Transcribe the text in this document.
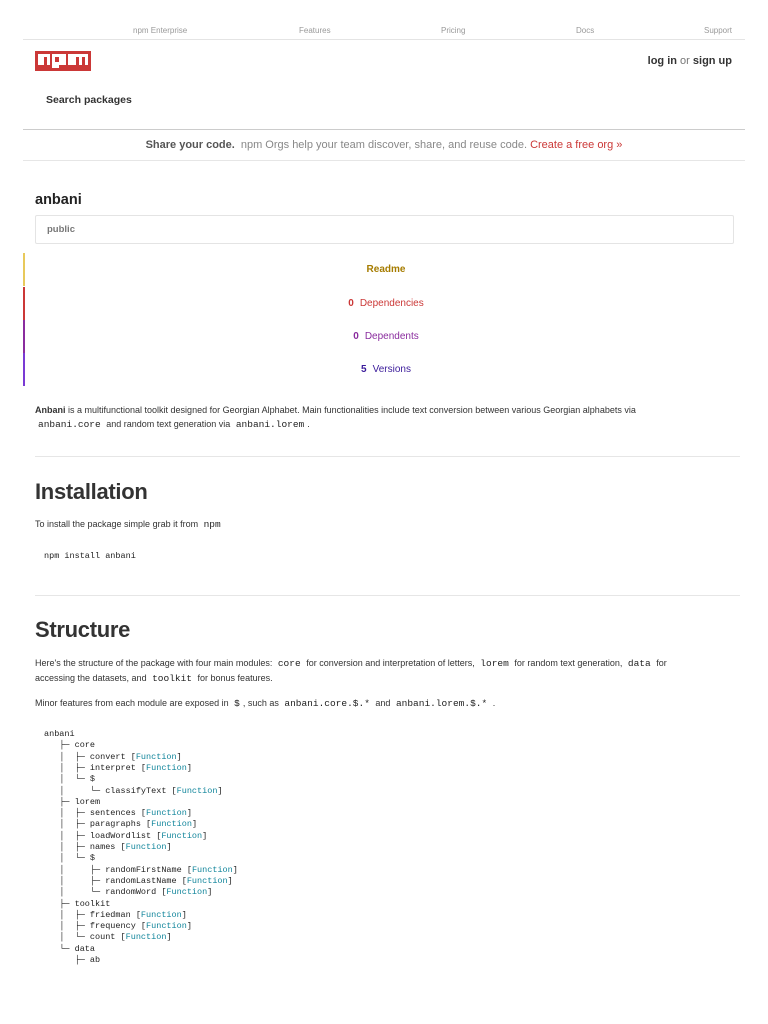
npm Enterprise	Features	Pricing	Docs	Support
log in or sign up
Search packages
Share your code. npm Orgs help your team discover, share, and reuse code. Create a free org »
anbani
public
Readme
0 Dependencies
0 Dependents
5 Versions
Anbani is a multifunctional toolkit designed for Georgian Alphabet. Main functionalities include text conversion between various Georgian alphabets via
anbani.core and random text generation via anbani.lorem .
Installation
To install the package simple grab it from npm
npm install anbani
Structure
Here's the structure of the package with four main modules: core for conversion and interpretation of letters, lorem for random text generation, data for
accessing the datasets, and toolkit for bonus features.
Minor features from each module are exposed in $ , such as anbani.core.$.* and anbani.lorem.$.* .
anbani
├─ core
│  ├─ convert [Function]
│  ├─ interpret [Function]
│  └─ $
│     └─ classifyText [Function]
├─ lorem
│  ├─ sentences [Function]
│  ├─ paragraphs [Function]
│  ├─ loadWordlist [Function]
│  ├─ names [Function]
│  └─ $
│     ├─ randomFirstName [Function]
│     ├─ randomLastName [Function]
│     └─ randomWord [Function]
├─ toolkit
│  ├─ friedman [Function]
│  ├─ frequency [Function]
│  └─ count [Function]
└─ data
├─ ab
